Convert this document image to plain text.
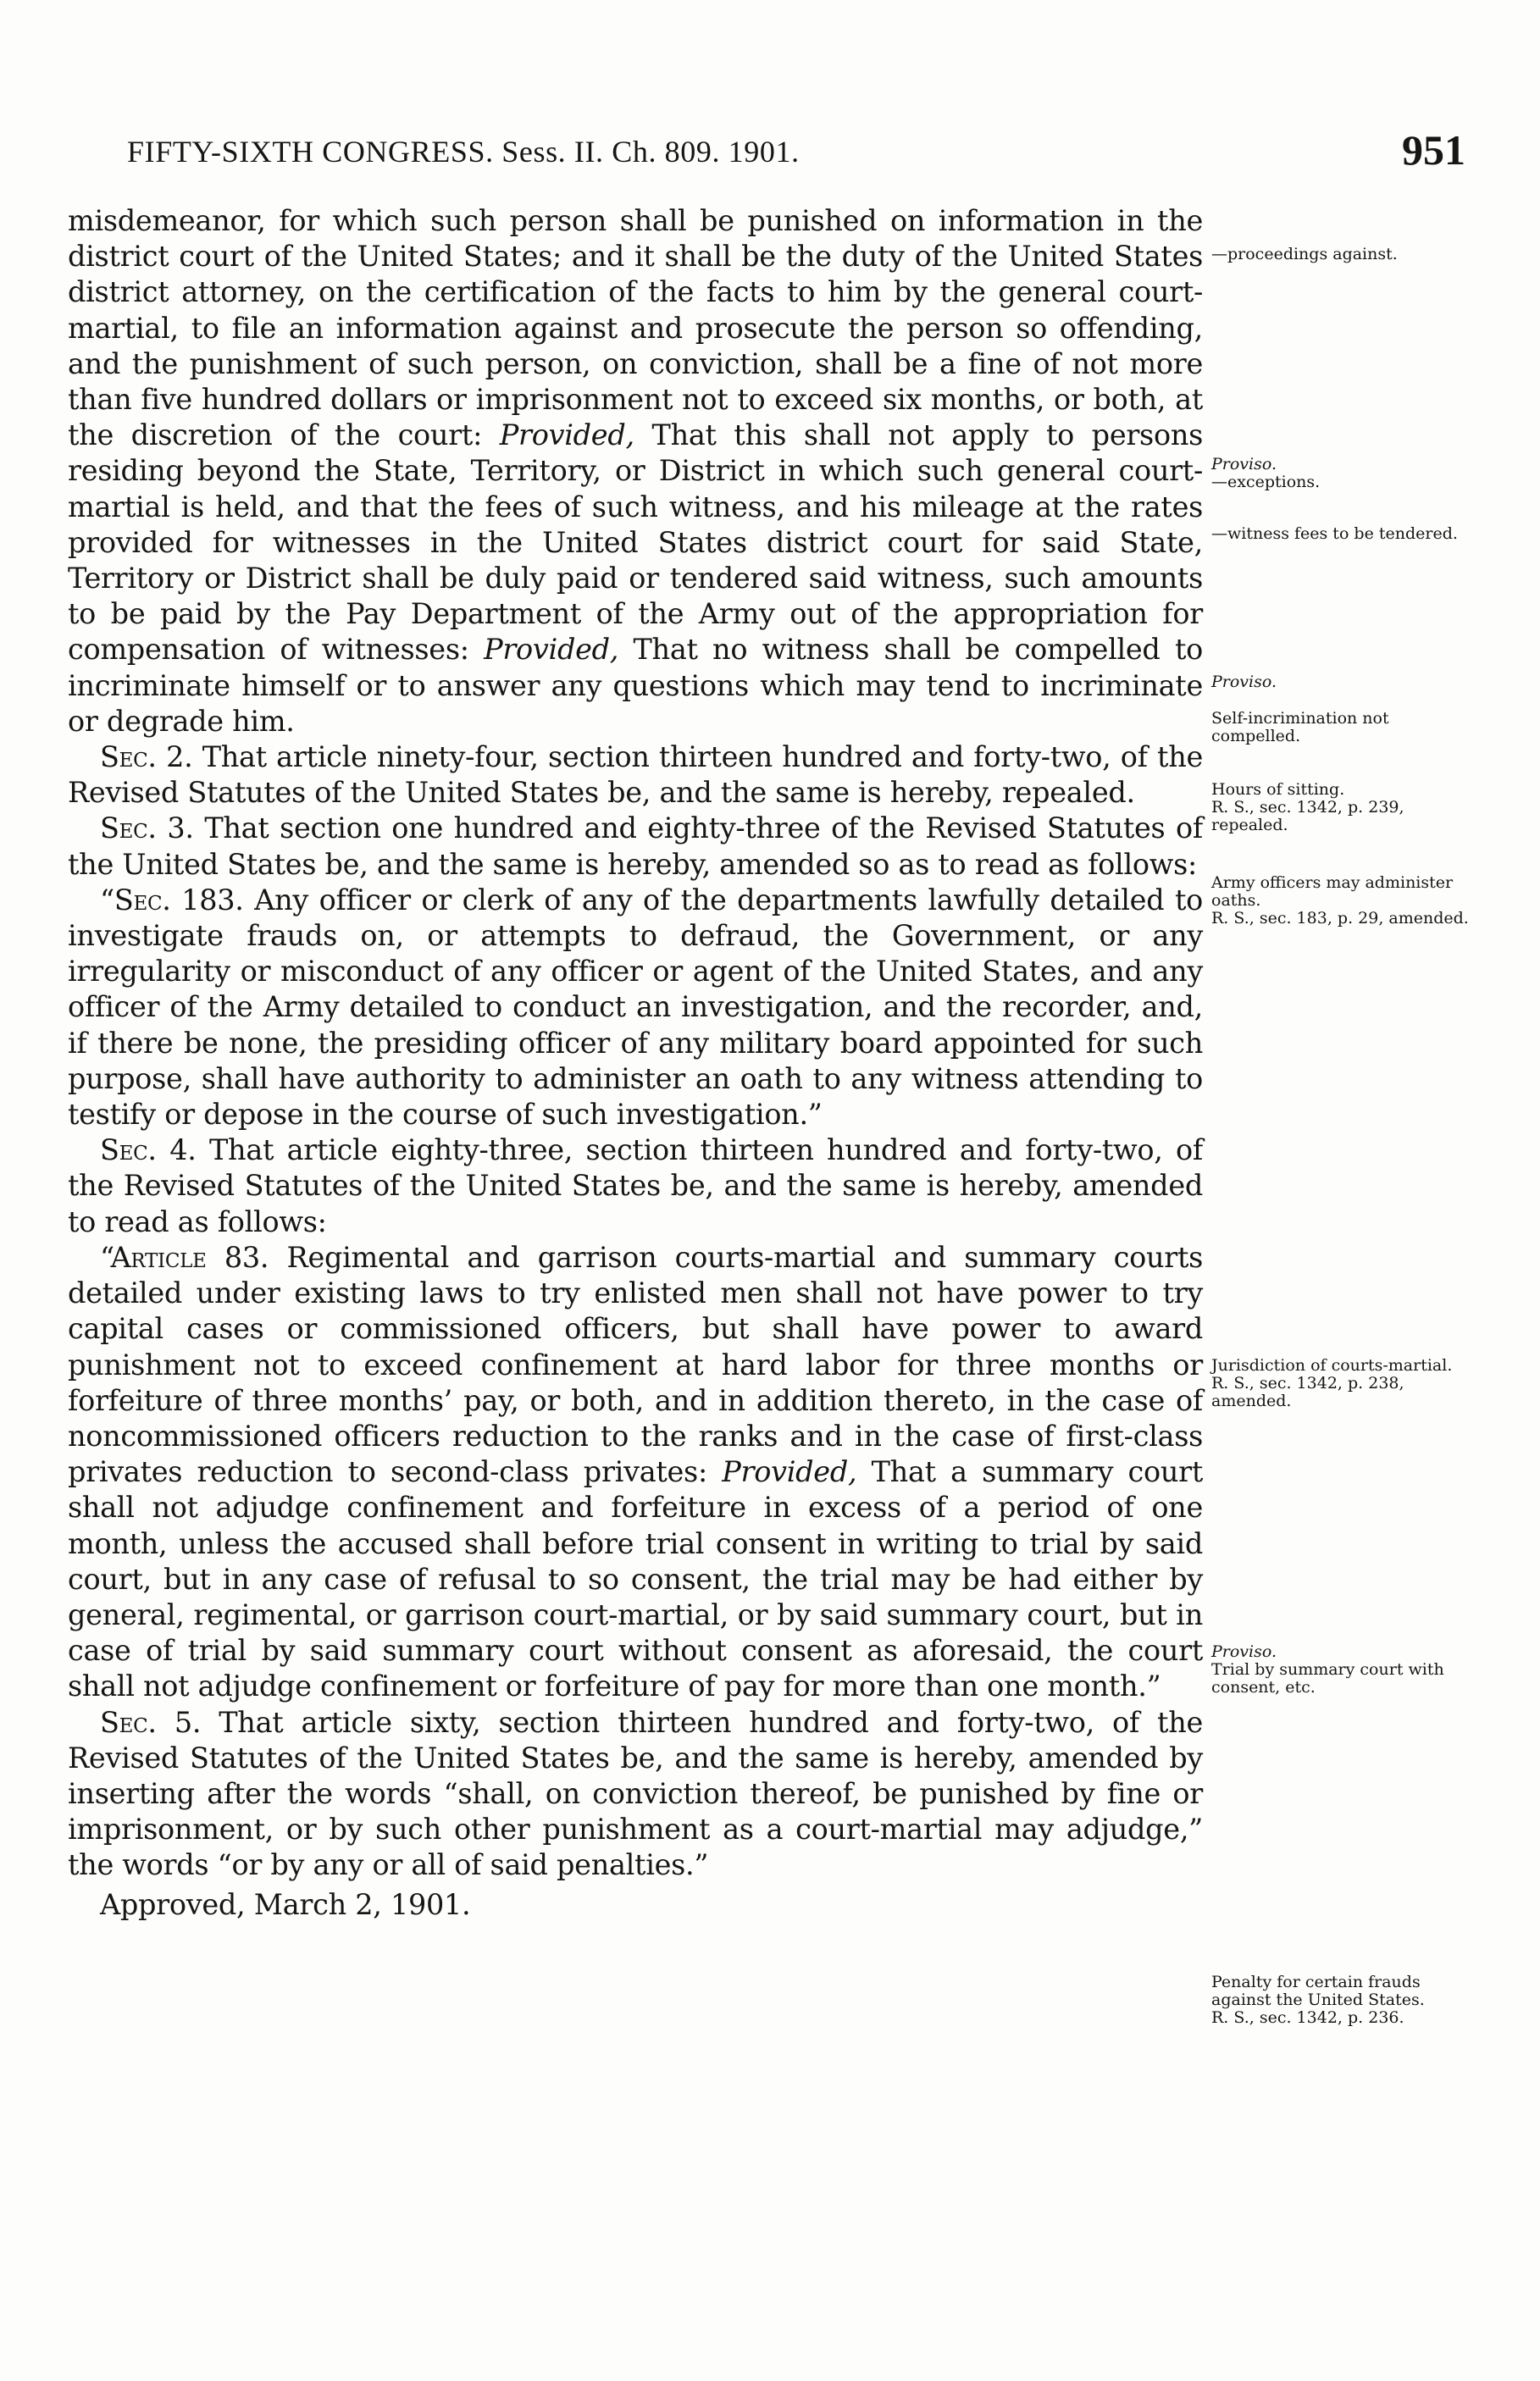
FIFTY-SIXTH CONGRESS. Sess. II. Ch. 809. 1901.	951

misdemeanor, for which such person shall be punished on information in the district court of the United States; and it shall be the duty of the United States district attorney, on the certification of the facts to him by the general court-martial, to file an information against and prosecute the person so offending, and the punishment of such person, on conviction, shall be a fine of not more than five hundred dollars or imprisonment not to exceed six months, or both, at the discretion of the court: Provided, That this shall not apply to persons residing beyond the State, Territory, or District in which such general court-martial is held, and that the fees of such witness, and his mileage at the rates provided for witnesses in the United States district court for said State, Territory or District shall be duly paid or tendered said witness, such amounts to be paid by the Pay Department of the Army out of the appropriation for compensation of witnesses: Provided, That no witness shall be compelled to incriminate himself or to answer any questions which may tend to incriminate or degrade him.

Sec. 2. That article ninety-four, section thirteen hundred and forty-two, of the Revised Statutes of the United States be, and the same is hereby, repealed.

Sec. 3. That section one hundred and eighty-three of the Revised Statutes of the United States be, and the same is hereby, amended so as to read as follows:

“Sec. 183. Any officer or clerk of any of the departments lawfully detailed to investigate frauds on, or attempts to defraud, the Government, or any irregularity or misconduct of any officer or agent of the United States, and any officer of the Army detailed to conduct an investigation, and the recorder, and, if there be none, the presiding officer of any military board appointed for such purpose, shall have authority to administer an oath to any witness attending to testify or depose in the course of such investigation.”

Sec. 4. That article eighty-three, section thirteen hundred and forty-two, of the Revised Statutes of the United States be, and the same is hereby, amended to read as follows:

“Article 83. Regimental and garrison courts-martial and summary courts detailed under existing laws to try enlisted men shall not have power to try capital cases or commissioned officers, but shall have power to award punishment not to exceed confinement at hard labor for three months or forfeiture of three months’ pay, or both, and in addition thereto, in the case of noncommissioned officers reduction to the ranks and in the case of first-class privates reduction to second-class privates: Provided, That a summary court shall not adjudge confinement and forfeiture in excess of a period of one month, unless the accused shall before trial consent in writing to trial by said court, but in any case of refusal to so consent, the trial may be had either by general, regimental, or garrison court-martial, or by said summary court, but in case of trial by said summary court without consent as aforesaid, the court shall not adjudge confinement or forfeiture of pay for more than one month.”

Sec. 5. That article sixty, section thirteen hundred and forty-two, of the Revised Statutes of the United States be, and the same is hereby, amended by inserting after the words “shall, on conviction thereof, be punished by fine or imprisonment, or by such other punishment as a court-martial may adjudge,” the words “or by any or all of said penalties.”

Approved, March 2, 1901.

—proceedings against.
Proviso.
—exceptions.
—witness fees to be tendered.
Proviso.
Self-incrimination not compelled.
Hours of sitting.
R. S., sec. 1342, p. 239, repealed.
Army officers may administer oaths.
R. S., sec. 183, p. 29, amended.
Jurisdiction of courts-martial.
R. S., sec. 1342, p. 238, amended.
Proviso.
Trial by summary court with consent, etc.
Penalty for certain frauds against the United States.
R. S., sec. 1342, p. 236.
